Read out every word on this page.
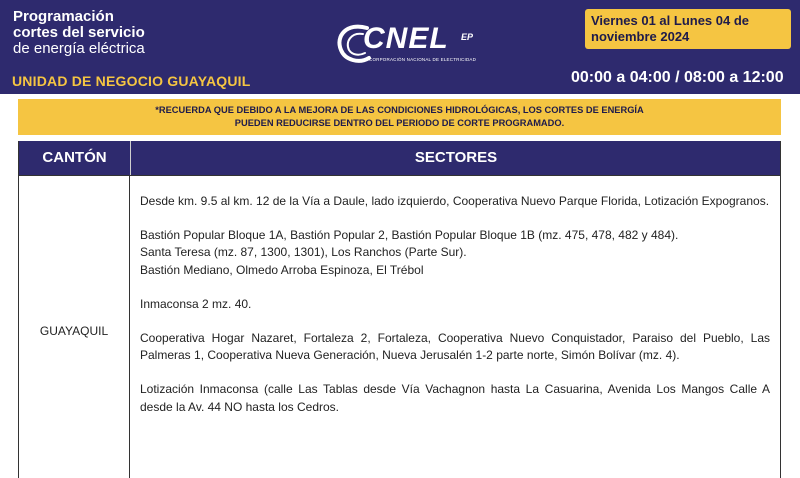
Programación
cortes del servicio
de energía eléctrica
UNIDAD DE NEGOCIO GUAYAQUIL
CNEL EP
CORPORACIÓN NACIONAL DE ELECTRICIDAD
Viernes 01 al Lunes 04 de noviembre 2024
00:00 a 04:00 / 08:00 a 12:00
*RECUERDA QUE DEBIDO A LA MEJORA DE LAS CONDICIONES HIDROLÓGICAS, LOS CORTES DE ENERGÍA
PUEDEN REDUCIRSE DENTRO DEL PERIODO DE CORTE PROGRAMADO.
CANTÓN	SECTORES
GUAYAQUIL

Desde km. 9.5 al km. 12 de la Vía a Daule, lado izquierdo, Cooperativa Nuevo Parque Florida, Lotización Expogranos.

Bastión Popular Bloque 1A, Bastión Popular 2, Bastión Popular Bloque 1B (mz. 475, 478, 482 y 484).
Santa Teresa (mz. 87, 1300, 1301), Los Ranchos (Parte Sur).
Bastión Mediano, Olmedo Arroba Espinoza, El Trébol

Inmaconsa 2 mz. 40.

Cooperativa Hogar Nazaret, Fortaleza 2, Fortaleza, Cooperativa Nuevo Conquistador, Paraiso del Pueblo, Las Palmeras 1, Cooperativa Nueva Generación, Nueva Jerusalén 1-2 parte norte, Simón Bolívar (mz. 4).

Lotización Inmaconsa (calle Las Tablas desde Vía Vachagnon hasta La Casuarina, Avenida Los Mangos Calle A desde la Av. 44 NO hasta los Cedros.
